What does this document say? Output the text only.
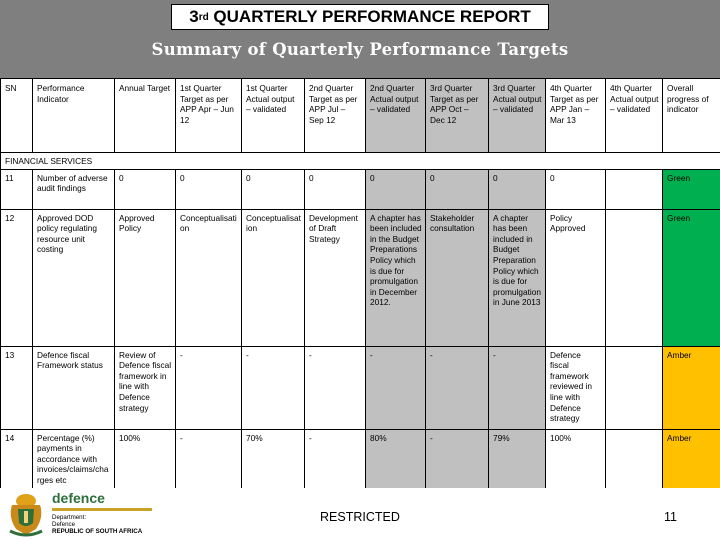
3 rd QUARTERLY PERFORMANCE REPORT
Summary of Quarterly Performance Targets
SN	Performance Indicator	Annual Target	1st Quarter Target as per APP Apr – Jun 12	1st Quarter Actual output – validated	2nd Quarter Target as per APP Jul – Sep 12	2nd Quarter Actual output – validated	3rd Quarter Target as per APP Oct – Dec 12	3rd Quarter Actual output – validated	4th Quarter Target as per APP Jan – Mar 13	4th Quarter Actual output – validated	Overall progress of indicator
FINANCIAL SERVICES											
11	Number of adverse audit findings	0	0	0	0	0	0	0	0		Green
12	Approved DOD policy regulating resource unit costing	Approved Policy	Conceptualisation	Conceptualisation	Development of Draft Strategy	A chapter has been included in the Budget Preparations Policy which is due for promulgation in December 2012.	Stakeholder consultation	A chapter has been included in Budget Preparation Policy which is due for promulgation in June 2013	Policy Approved		Green
13	Defence fiscal Framework status	Review of Defence fiscal framework in line with Defence strategy	-	-	-	-	-	-	Defence fiscal framework reviewed in line with Defence strategy		Amber
14	Percentage (%) payments in accordance with invoices/claims/charges etc	100%	-	70%	-	80%	-	79%	100%		Amber
defence
Department:
Defence
REPUBLIC OF SOUTH AFRICA
RESTRICTED	11
